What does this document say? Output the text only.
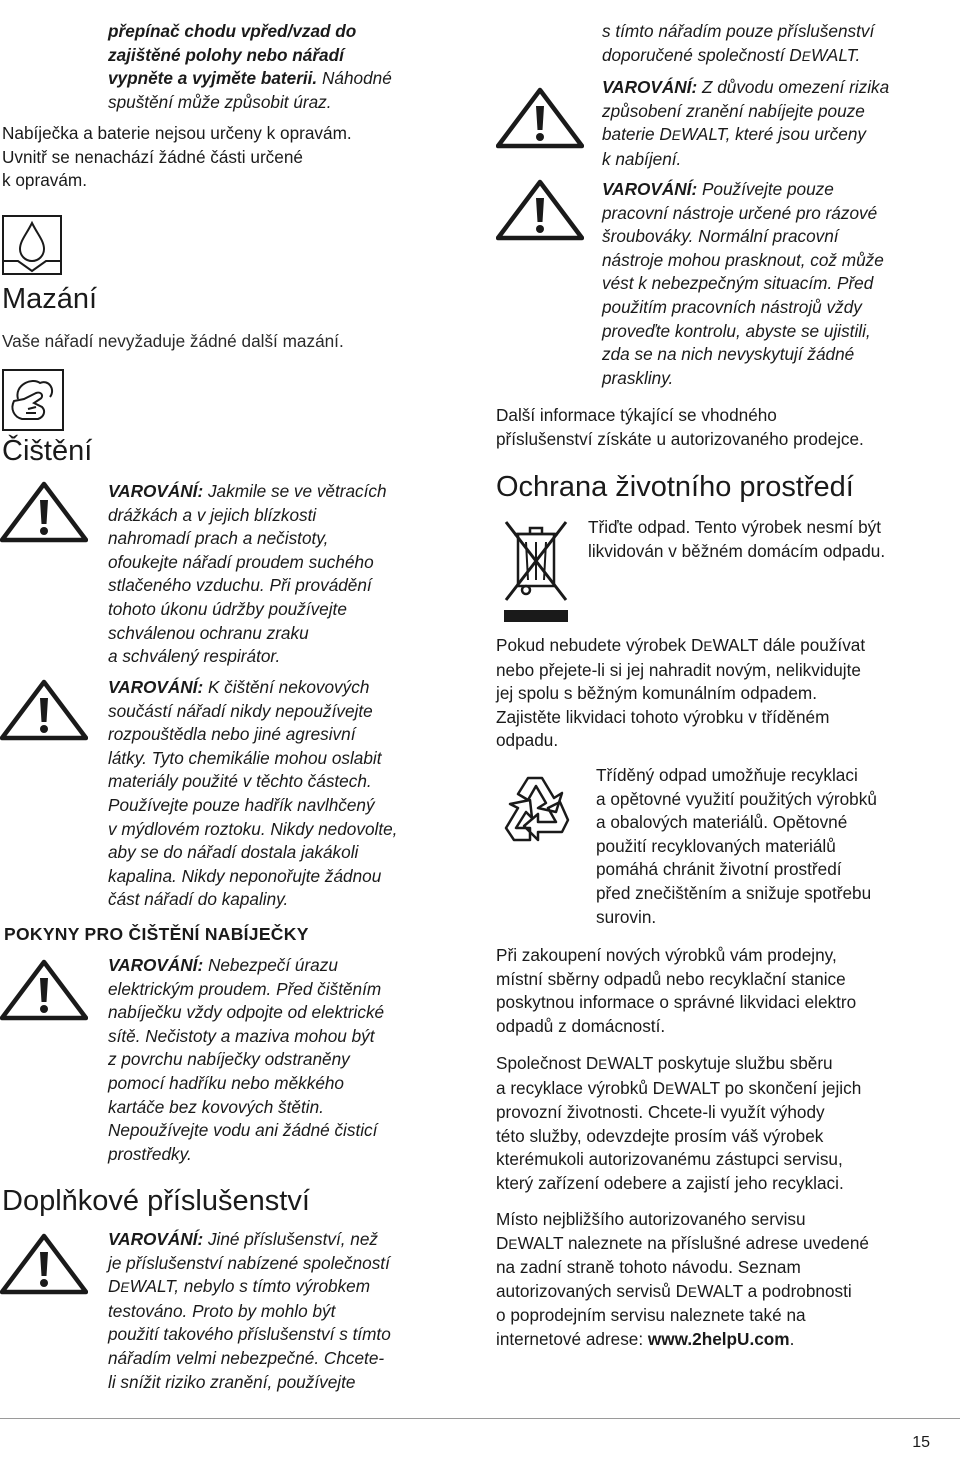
přepínač chodu vpřed/vzad do
zajištěné polohy nebo nářadí
vypněte a vyjměte baterii. Náhodné
spuštění může způsobit úraz.
Nabíječka a baterie nejsou určeny k opravám.
Uvnitř se nenachází žádné části určené
k opravám.
Mazání

Vaše nářadí nevyžaduje žádné další mazání.

Čištění
VAROVÁNÍ: Jakmile se ve větracích
drážkách a v jejich blízkosti
nahromadí prach a nečistoty,
ofoukejte nářadí proudem suchého
stlačeného vzduchu. Při provádění
tohoto úkonu údržby používejte
schválenou ochranu zraku
a schválený respirátor.
VAROVÁNÍ: K čištění nekovových
součástí nářadí nikdy nepoužívejte
rozpouštědla nebo jiné agresivní
látky. Tyto chemikálie mohou oslabit
materiály použité v těchto částech.
Používejte pouze hadřík navlhčený
v mýdlovém roztoku. Nikdy nedovolte,
aby se do nářadí dostala jakákoli
kapalina. Nikdy neponořujte žádnou
část nářadí do kapaliny.
POKYNY PRO ČIŠTĚNÍ NABÍJEČKY
VAROVÁNÍ: Nebezpečí úrazu
elektrickým proudem. Před čištěním
nabíječku vždy odpojte od elektrické
sítě. Nečistoty a maziva mohou být
z povrchu nabíječky odstraněny
pomocí hadříku nebo měkkého
kartáče bez kovových štětin.
Nepoužívejte vodu ani žádné čisticí
prostředky.
Doplňkové příslušenství
VAROVÁNÍ: Jiné příslušenství, než
je příslušenství nabízené společností
DEWALT, nebylo s tímto výrobkem
testováno. Proto by mohlo být
použití takového příslušenství s tímto
nářadím velmi nebezpečné. Chcete-
li snížit riziko zranění, používejte
s tímto nářadím pouze příslušenství
doporučené společností DEWALT.
VAROVÁNÍ: Z důvodu omezení rizika
způsobení zranění nabíjejte pouze
baterie DEWALT, které jsou určeny
k nabíjení.
VAROVÁNÍ: Používejte pouze
pracovní nástroje určené pro rázové
šroubováky. Normální pracovní
nástroje mohou prasknout, což může
vést k nebezpečným situacím. Před
použitím pracovních nástrojů vždy
proveďte kontrolu, abyste se ujistili,
zda se na nich nevyskytují žádné
praskliny.
Další informace týkající se vhodného
příslušenství získáte u autorizovaného prodejce.
Ochrana životního prostředí
Třiďte odpad. Tento výrobek nesmí být
likvidován v běžném domácím odpadu.
Pokud nebudete výrobek DEWALT dále používat
nebo přejete-li si jej nahradit novým, nelikvidujte
jej spolu s běžným komunálním odpadem.
Zajistěte likvidaci tohoto výrobku v tříděném
odpadu.
Tříděný odpad umožňuje recyklaci
a opětovné využití použitých výrobků
a obalových materiálů. Opětovné
použití recyklovaných materiálů
pomáhá chránit životní prostředí
před znečištěním a snižuje spotřebu
surovin.
Při zakoupení nových výrobků vám prodejny,
místní sběrny odpadů nebo recyklační stanice
poskytnou informace o správné likvidaci elektro
odpadů z domácností.
Společnost DEWALT poskytuje službu sběru
a recyklace výrobků DEWALT po skončení jejich
provozní životnosti. Chcete-li využít výhody
této služby, odevzdejte prosím váš výrobek
kterémukoli autorizovanému zástupci servisu,
který zařízení odebere a zajistí jeho recyklaci.
Místo nejbližšího autorizovaného servisu
DEWALT naleznete na příslušné adrese uvedené
na zadní straně tohoto návodu. Seznam
autorizovaných servisů DEWALT a podrobnosti
o poprodejním servisu naleznete také na
internetové adrese: www.2helpU.com.
15
